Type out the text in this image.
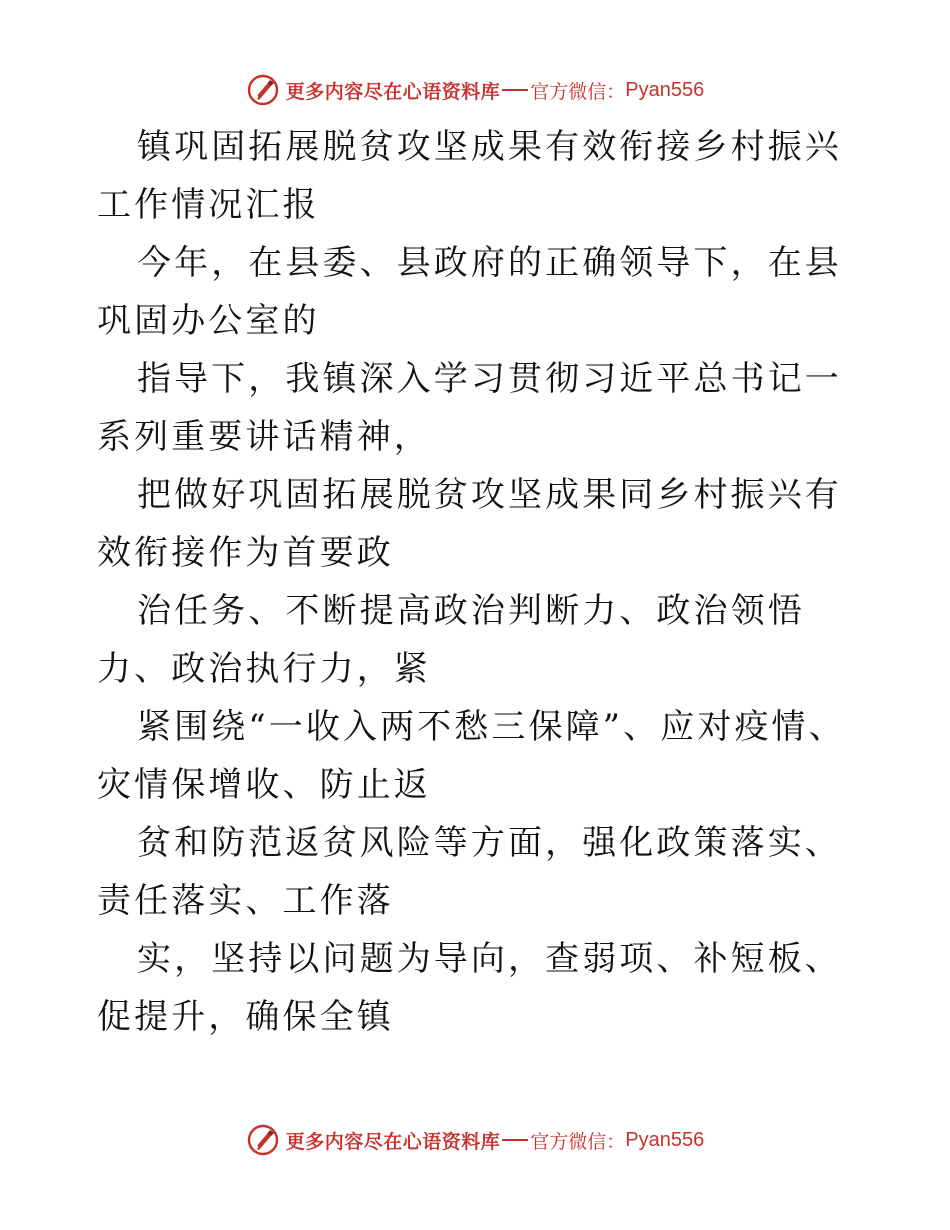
更多内容尽在心语资料库 官方微信： Pyan556

镇巩固拓展脱贫攻坚成果有效衔接乡村振兴工作情况汇报

今年，在县委、县政府的正确领导下，在县巩固办公室的

指导下，我镇深入学习贯彻习近平总书记一系列重要讲话精神，

把做好巩固拓展脱贫攻坚成果同乡村振兴有效衔接作为首要政

治任务、不断提高政治判断力、政治领悟力、政治执行力，紧

紧围绕“一收入两不愁三保障”、应对疫情、灾情保增收、防止返

贫和防范返贫风险等方面，强化政策落实、责任落实、工作落

实，坚持以问题为导向，查弱项、补短板、促提升，确保全镇

更多内容尽在心语资料库 官方微信： Pyan556
